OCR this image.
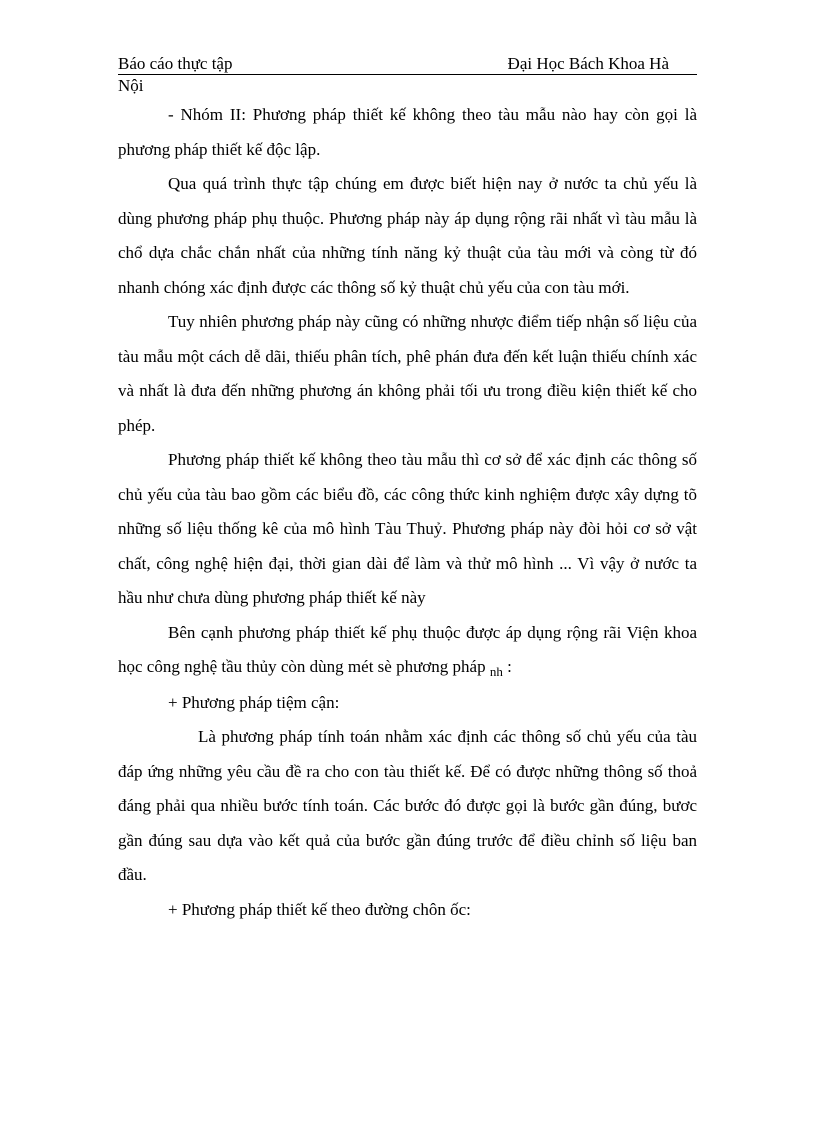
Báo cáo thực tập	Đại Học Bách Khoa Hà
Nội

- Nhóm II: Phương pháp thiết kế không theo tàu mẫu nào hay còn gọi là phương pháp thiết kế độc lập.

Qua quá trình thực tập chúng em được biết hiện nay ở nước ta chủ yếu là dùng phương pháp phụ thuộc. Phương pháp này áp dụng rộng rãi nhất vì tàu mẫu là chổ dựa chắc chắn nhất của những tính năng kỷ thuật của tàu mới và còng từ đó nhanh chóng xác định được các thông số kỷ thuật chủ yếu của con tàu mới.

Tuy nhiên phương pháp này cũng có những nhược điểm tiếp nhận số liệu của tàu mẫu một cách dễ dãi, thiếu phân tích, phê phán đưa đến kết luận thiếu chính xác và nhất là đưa đến những phương án không phải tối ưu trong điều kiện thiết kế cho phép.

Phương pháp thiết kế không theo tàu mẫu thì cơ sở để xác định các thông số chủ yếu của tàu bao gồm các biểu đồ, các công thức kinh nghiệm được xây dựng tõ những số liệu thống kê của mô hình Tàu Thuỷ. Phương pháp này đòi hỏi cơ sở vật chất, công nghệ hiện đại, thời gian dài để làm và thử mô hình ... Vì vậy ở nước ta hầu như chưa dùng phương pháp thiết kế này

Bên cạnh phương pháp thiết kế phụ thuộc được áp dụng rộng rãi Viện khoa học công nghệ tầu thủy còn dùng mét sè phương pháp $_{nh}$ :

+ Phương pháp tiệm cận:

Là phương pháp tính toán nhằm xác định các thông số chủ yếu của tàu đáp ứng những yêu cầu đề ra cho con tàu thiết kế. Để có được những thông số thoả đáng phải qua nhiều bước tính toán. Các bước đó được gọi là bước gần đúng, bươc gần đúng sau dựa vào kết quả của bước gần đúng trước để điều chỉnh số liệu ban đầu.

+ Phương pháp thiết kế theo đường chôn ốc:
